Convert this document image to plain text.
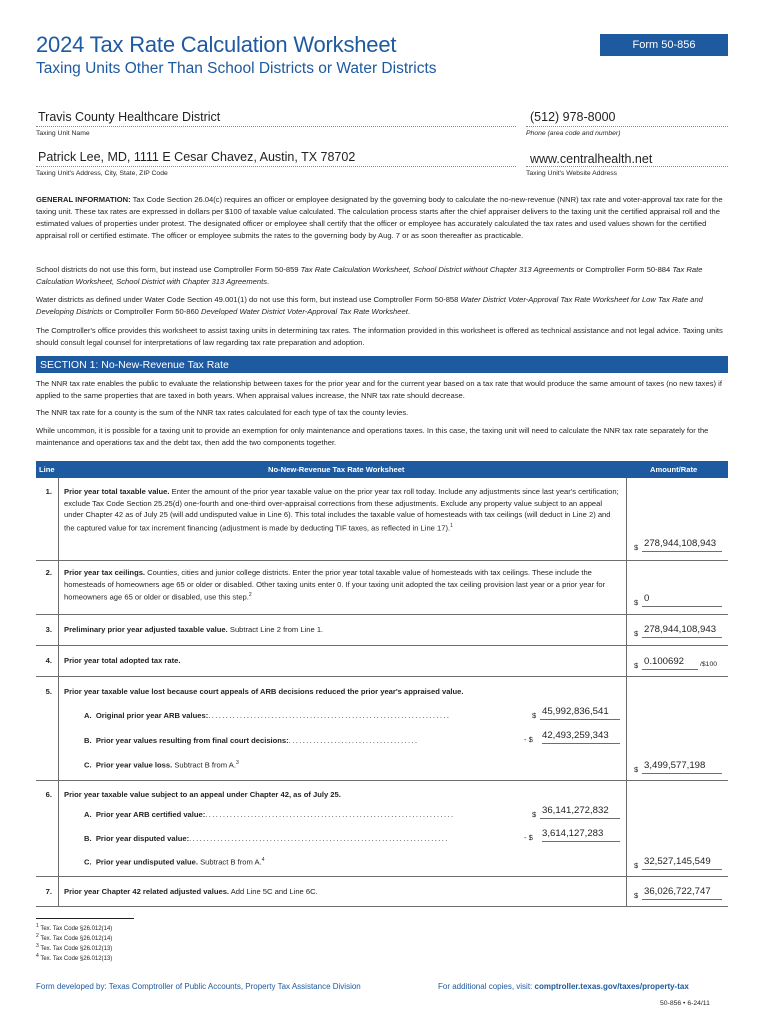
2024 Tax Rate Calculation Worksheet
Taxing Units Other Than School Districts or Water Districts
Form 50-856
Travis County Healthcare District
Taxing Unit Name
(512) 978-8000
Phone (area code and number)
Patrick Lee, MD, 1111 E Cesar Chavez, Austin, TX 78702
Taxing Unit's Address, City, State, ZIP Code
www.centralhealth.net
Taxing Unit's Website Address
GENERAL INFORMATION: Tax Code Section 26.04(c) requires an officer or employee designated by the governing body to calculate the no-new-revenue (NNR) tax rate and voter-approval tax rate for the taxing unit. These tax rates are expressed in dollars per $100 of taxable value calculated. The calculation process starts after the chief appraiser delivers to the taxing unit the certified appraisal roll and the estimated values of properties under protest. The designated officer or employee shall certify that the officer or employee has accurately calculated the tax rates and used values shown for the certified appraisal roll or certified estimate. The officer or employee submits the rates to the governing body by Aug. 7 or as soon thereafter as practicable.
School districts do not use this form, but instead use Comptroller Form 50-859 Tax Rate Calculation Worksheet, School District without Chapter 313 Agreements or Comptroller Form 50-884 Tax Rate Calculation Worksheet, School District with Chapter 313 Agreements.
Water districts as defined under Water Code Section 49.001(1) do not use this form, but instead use Comptroller Form 50-858 Water District Voter-Approval Tax Rate Worksheet for Low Tax Rate and Developing Districts or Comptroller Form 50-860 Developed Water District Voter-Approval Tax Rate Worksheet.
The Comptroller's office provides this worksheet to assist taxing units in determining tax rates. The information provided in this worksheet is offered as technical assistance and not legal advice. Taxing units should consult legal counsel for interpretations of law regarding tax rate preparation and adoption.
SECTION 1: No-New-Revenue Tax Rate
The NNR tax rate enables the public to evaluate the relationship between taxes for the prior year and for the current year based on a tax rate that would produce the same amount of taxes (no new taxes) if applied to the same properties that are taxed in both years. When appraisal values increase, the NNR tax rate should decrease.
The NNR tax rate for a county is the sum of the NNR tax rates calculated for each type of tax the county levies.
While uncommon, it is possible for a taxing unit to provide an exemption for only maintenance and operations taxes. In this case, the taxing unit will need to calculate the NNR tax rate separately for the maintenance and operations tax and the debt tax, then add the two components together.
Line	No-New-Revenue Tax Rate Worksheet	Amount/Rate
1. Prior year total taxable value. Enter the amount of the prior year taxable value on the prior year tax roll today. Include any adjustments since last year's certification; exclude Tax Code Section 25.25(d) one-fourth and one-third over-appraisal corrections from these adjustments. Exclude any property value subject to an appeal under Chapter 42 as of July 25 (will add undisputed value in Line 6). This total includes the taxable value of homesteads with tax ceilings (will deduct in Line 2) and the captured value for tax increment financing (adjustment is made by deducting TIF taxes, as reflected in Line 17).$^1$
$ 278,944,108,943
2. Prior year tax ceilings. Counties, cities and junior college districts. Enter the prior year total taxable value of homesteads with tax ceilings. These include the homesteads of homeowners age 65 or older or disabled. Other taxing units enter 0. If your taxing unit adopted the tax ceiling provision last year or a prior year for homeowners age 65 or older or disabled, use this step.$^2$
$ 0
3. Preliminary prior year adjusted taxable value. Subtract Line 2 from Line 1.	$ 278,944,108,943
4. Prior year total adopted tax rate.
$ 0.100692 /$100
5. Prior year taxable value lost because court appeals of ARB decisions reduced the prior year's appraised value.
A. Original prior year ARB values:.....................................................................	$ 45,992,836,541
B. Prior year values resulting from final court decisions:.....................................	- $ 42,493,259,343
C. Prior year value loss. Subtract B from A.$^3$
$ 3,499,577,198
6. Prior year taxable value subject to an appeal under Chapter 42, as of July 25.
A. Prior year ARB certified value:.......................................................................	$ 36,141,272,832
B. Prior year disputed value:..........................................................................	- $ 3,614,127,283
C. Prior year undisputed value. Subtract B from A.$^4$
$ 32,527,145,549
7. Prior year Chapter 42 related adjusted values. Add Line 5C and Line 6C.	$ 36,026,722,747
$^1$ Tex. Tax Code §26.012(14)
$^2$ Tex. Tax Code §26.012(14)
$^3$ Tex. Tax Code §26.012(13)
$^4$ Tex. Tax Code §26.012(13)
Form developed by: Texas Comptroller of Public Accounts, Property Tax Assistance Division	For additional copies, visit: comptroller.texas.gov/taxes/property-tax
50-856 • 6-24/11
